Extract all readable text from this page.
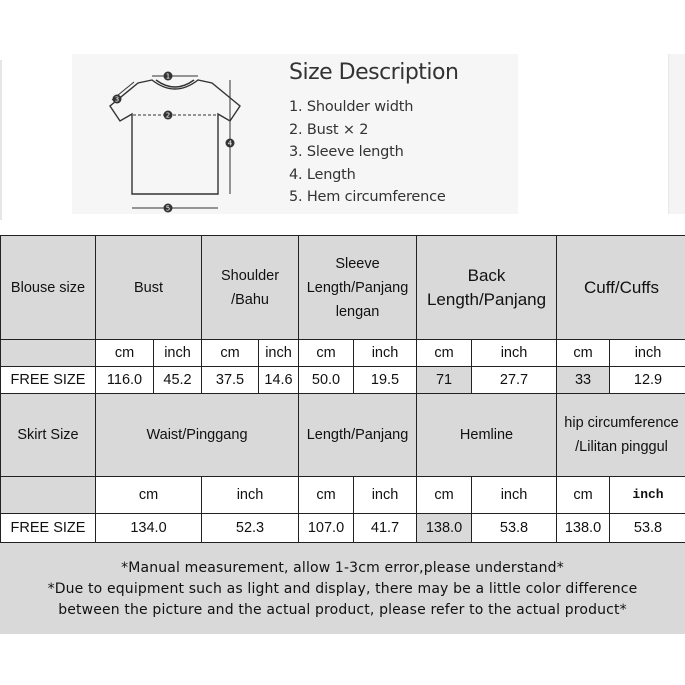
1
2
3
4
5
Size Description
1. Shoulder width
2. Bust × 2
3. Sleeve length
4. Length
5. Hem circumference
Blouse size	Bust		Shoulder /Bahu		Sleeve Length/Panjang lengan		Back Length/Panjang		Cuff/Cuffs	
	cm	inch	cm	inch	cm	inch	cm	inch	cm	inch
FREE SIZE	116.0	45.2	37.5	14.6	50.0	19.5	71	27.7	33	12.9
Skirt Size	Waist/Pinggang				Length/Panjang		Hemline		hip circumference /Lilitan pinggul	
	cm		inch		cm	inch	cm	inch	cm	inch
FREE SIZE	134.0		52.3		107.0	41.7	138.0	53.8	138.0	53.8

*Manual measurement, allow 1-3cm error,please understand*

*Due to equipment such as light and display, there may be a little color difference

between the picture and the actual product, please refer to the actual product*
